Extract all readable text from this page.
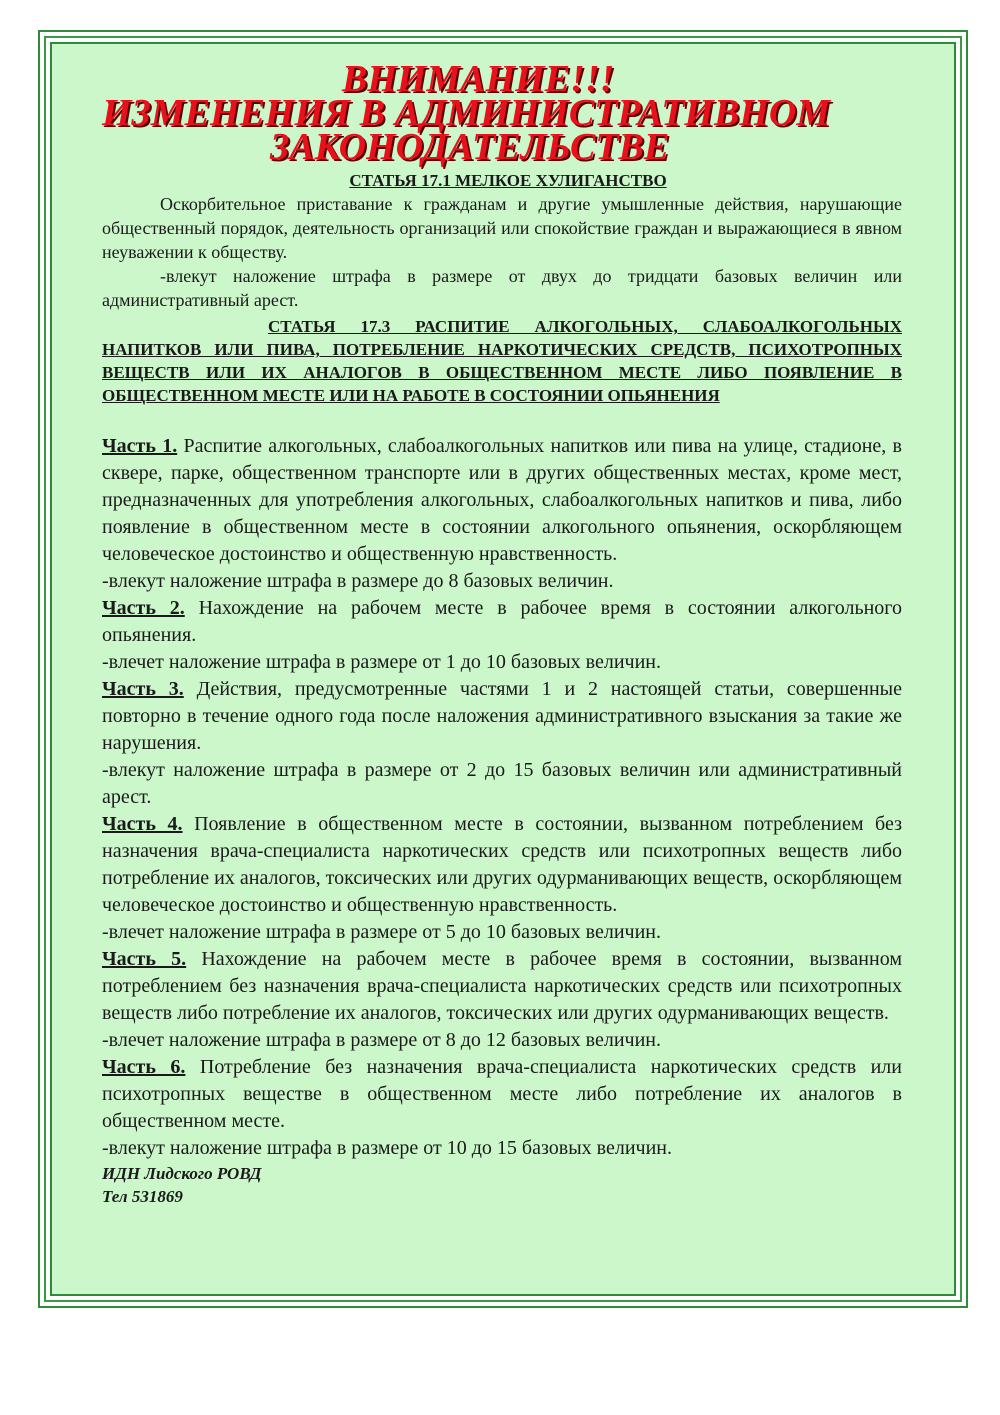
ВНИМАНИЕ!!!

ИЗМЕНЕНИЯ В АДМИНИСТРАТИВНОМ

ЗАКОНОДАТЕЛЬСТВЕ

СТАТЬЯ 17.1 МЕЛКОЕ ХУЛИГАНСТВО

Оскорбительное приставание к гражданам и другие умышленные действия, нарушающие общественный порядок, деятельность организаций или спокойствие граждан и выражающиеся в явном неуважении к обществу.

-влекут наложение штрафа в размере от двух до тридцати базовых величин или административный арест.

СТАТЬЯ 17.3 РАСПИТИЕ АЛКОГОЛЬНЫХ, СЛАБОАЛКОГОЛЬНЫХ НАПИТКОВ ИЛИ ПИВА, ПОТРЕБЛЕНИЕ НАРКОТИЧЕСКИХ СРЕДСТВ, ПСИХОТРОПНЫХ ВЕЩЕСТВ ИЛИ ИХ АНАЛОГОВ В ОБЩЕСТВЕННОМ МЕСТЕ ЛИБО ПОЯВЛЕНИЕ В ОБЩЕСТВЕННОМ МЕСТЕ ИЛИ НА РАБОТЕ В СОСТОЯНИИ ОПЬЯНЕНИЯ

Часть 1. Распитие алкогольных, слабоалкогольных напитков или пива на улице, стадионе, в сквере, парке, общественном транспорте или в других общественных местах, кроме мест, предназначенных для употребления алкогольных, слабоалкогольных напитков и пива, либо появление в общественном месте в состоянии алкогольного опьянения, оскорбляющем человеческое достоинство и общественную нравственность.

-влекут наложение штрафа в размере до 8 базовых величин.

Часть 2. Нахождение на рабочем месте в рабочее время в состоянии алкогольного опьянения.

-влечет наложение штрафа в размере от 1 до 10 базовых величин.

Часть 3. Действия, предусмотренные частями 1 и 2 настоящей статьи, совершенные повторно в течение одного года после наложения административного взыскания за такие же нарушения.

-влекут наложение штрафа в размере от 2 до 15 базовых величин или административный арест.

Часть 4. Появление в общественном месте в состоянии, вызванном потреблением без назначения врача-специалиста наркотических средств или психотропных веществ либо потребление их аналогов, токсических или других одурманивающих веществ, оскорбляющем человеческое достоинство и общественную нравственность.

-влечет наложение штрафа в размере от 5 до 10 базовых величин.

Часть 5. Нахождение на рабочем месте в рабочее время в состоянии, вызванном потреблением без назначения врача-специалиста наркотических средств или психотропных веществ либо потребление их аналогов, токсических или других одурманивающих веществ.

-влечет наложение штрафа в размере от 8 до 12 базовых величин.

Часть 6. Потребление без назначения врача-специалиста наркотических средств или психотропных веществе в общественном месте либо потребление их аналогов в общественном месте.

-влекут наложение штрафа в размере от 10 до 15 базовых величин.

ИДН Лидского РОВД

Тел 531869
